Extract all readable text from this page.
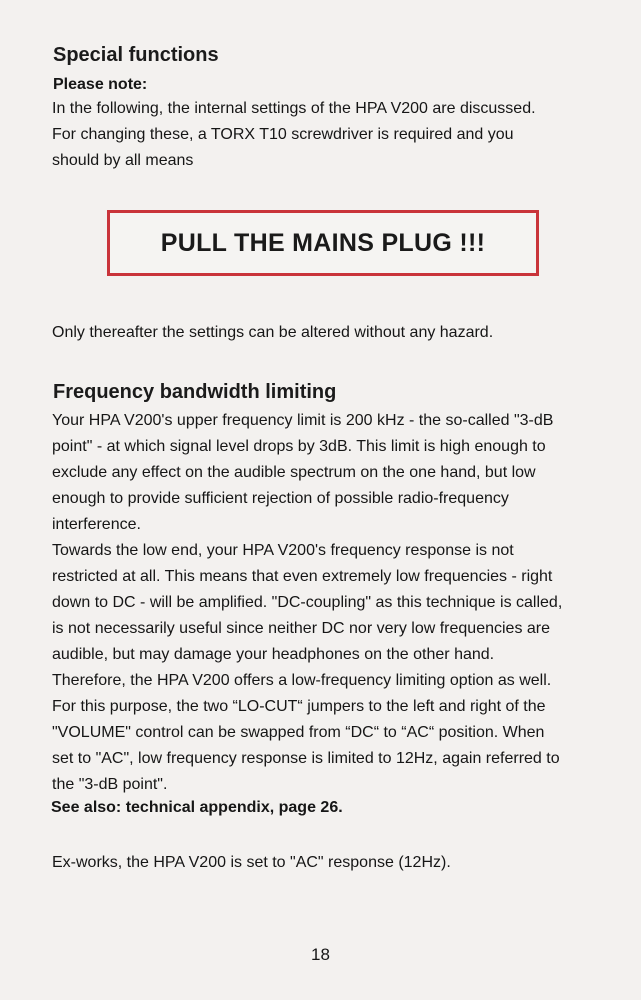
Special functions
Please note:
In the following, the internal settings of the HPA V200 are discussed.
For changing these, a TORX T10 screwdriver is required and you
should by all means
PULL THE MAINS PLUG !!!
Only thereafter the settings can be altered without any hazard.
Frequency bandwidth limiting
Your HPA V200's upper frequency limit is 200 kHz - the so-called "3-dB
point" - at which signal level drops by 3dB. This limit is high enough to
exclude any effect on the audible spectrum on the one hand, but low
enough to provide sufficient rejection of possible radio-frequency
interference.
Towards the low end, your HPA V200's frequency response is not
restricted at all. This means that even extremely low frequencies - right
down to DC - will be amplified. "DC-coupling" as this technique is called,
is not necessarily useful since neither DC nor very low frequencies are
audible, but may damage your headphones on the other hand.
Therefore, the HPA V200 offers a low-frequency limiting option as well.
For this purpose, the two “LO-CUT“ jumpers to the left and right of the
"VOLUME" control can be swapped from “DC“ to “AC“ position. When
set to "AC", low frequency response is limited to 12Hz, again referred to
the "3-dB point".
See also: technical appendix, page 26.
Ex-works, the HPA V200 is set to "AC" response (12Hz).
18
